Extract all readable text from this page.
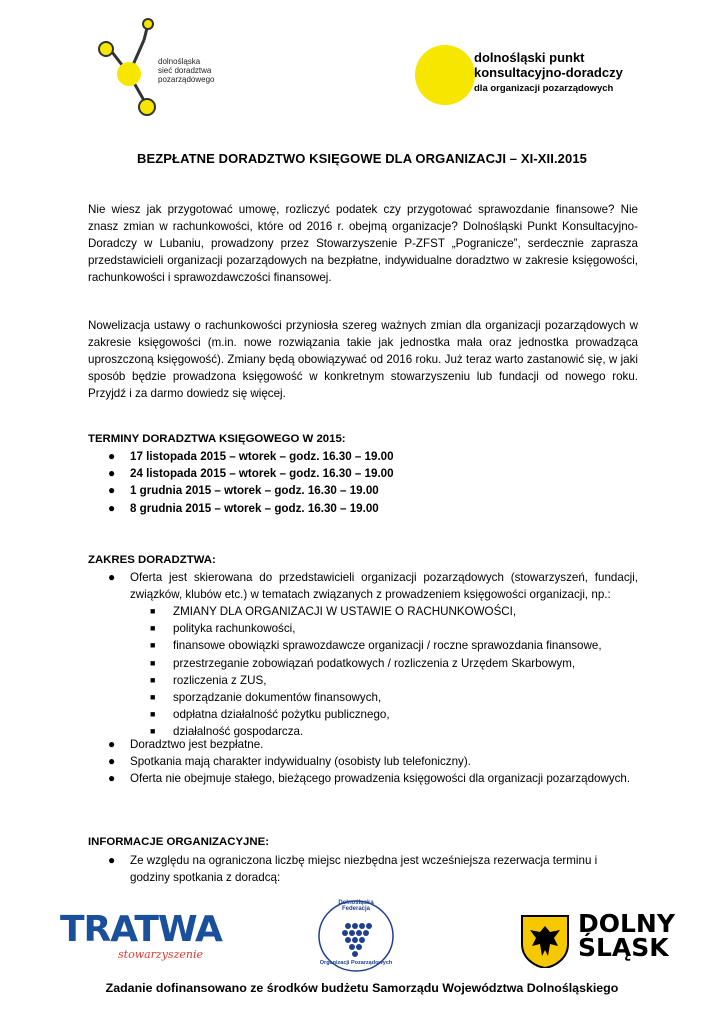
dolnośląska
sieć doradztwa
pozarządowego
dolnośląski punkt
konsultacyjno-doradczy
dla organizacji pozarządowych
BEZPŁATNE DORADZTWO KSIĘGOWE DLA ORGANIZACJI – XI-XII.2015
Nie wiesz jak przygotować umowę, rozliczyć podatek czy przygotować sprawozdanie finansowe? Nie znasz zmian w rachunkowości, które od 2016 r. obejmą organizacje? Dolnośląski Punkt Konsultacyjno-Doradczy w Lubaniu, prowadzony przez Stowarzyszenie P-ZFST „Pogranicze”, serdecznie zaprasza przedstawicieli organizacji pozarządowych na bezpłatne, indywidualne doradztwo w zakresie księgowości, rachunkowości i sprawozdawczości finansowej.
Nowelizacja ustawy o rachunkowości przyniosła szereg ważnych zmian dla organizacji pozarządowych w zakresie księgowości (m.in. nowe rozwiązania takie jak jednostka mała oraz jednostka prowadząca uproszczoną księgowość). Zmiany będą obowiązywać od 2016 roku. Już teraz warto zastanowić się, w jaki sposób będzie prowadzona księgowość w konkretnym stowarzyszeniu lub fundacji od nowego roku. Przyjdź i za darmo dowiedz się więcej.
TERMINY DORADZTWA KSIĘGOWEGO W 2015:
● 17 listopada 2015 – wtorek – godz. 16.30 – 19.00
● 24 listopada 2015 – wtorek – godz. 16.30 – 19.00
● 1 grudnia 2015 – wtorek – godz. 16.30 – 19.00
● 8 grudnia 2015 – wtorek – godz. 16.30 – 19.00
ZAKRES DORADZTWA:
● Oferta jest skierowana do przedstawicieli organizacji pozarządowych (stowarzyszeń, fundacji, związków, klubów etc.) w tematach związanych z prowadzeniem księgowości organizacji, np.:
■ ZMIANY DLA ORGANIZACJI W USTAWIE O RACHUNKOWOŚCI,
■ polityka rachunkowości,
■ finansowe obowiązki sprawozdawcze organizacji / roczne sprawozdania finansowe,
■ przestrzeganie zobowiązań podatkowych / rozliczenia z Urzędem Skarbowym,
■ rozliczenia z ZUS,
■ sporządzanie dokumentów finansowych,
■ odpłatna działalność pożytku publicznego,
■ działalność gospodarcza.
● Doradztwo jest bezpłatne.
● Spotkania mają charakter indywidualny (osobisty lub telefoniczny).
● Oferta nie obejmuje stałego, bieżącego prowadzenia księgowości dla organizacji pozarządowych.
INFORMACJE ORGANIZACYJNE:
● Ze względu na ograniczona liczbę miejsc niezbędna jest wcześniejsza rezerwacja terminu i godziny spotkania z doradcą:
TRATWA
stowarzyszenie
Dolnośląska Federacja
Organizacji Pozarządowych
DOLNY
ŚLĄSK
Zadanie dofinansowano ze środków budżetu Samorządu Województwa Dolnośląskiego
